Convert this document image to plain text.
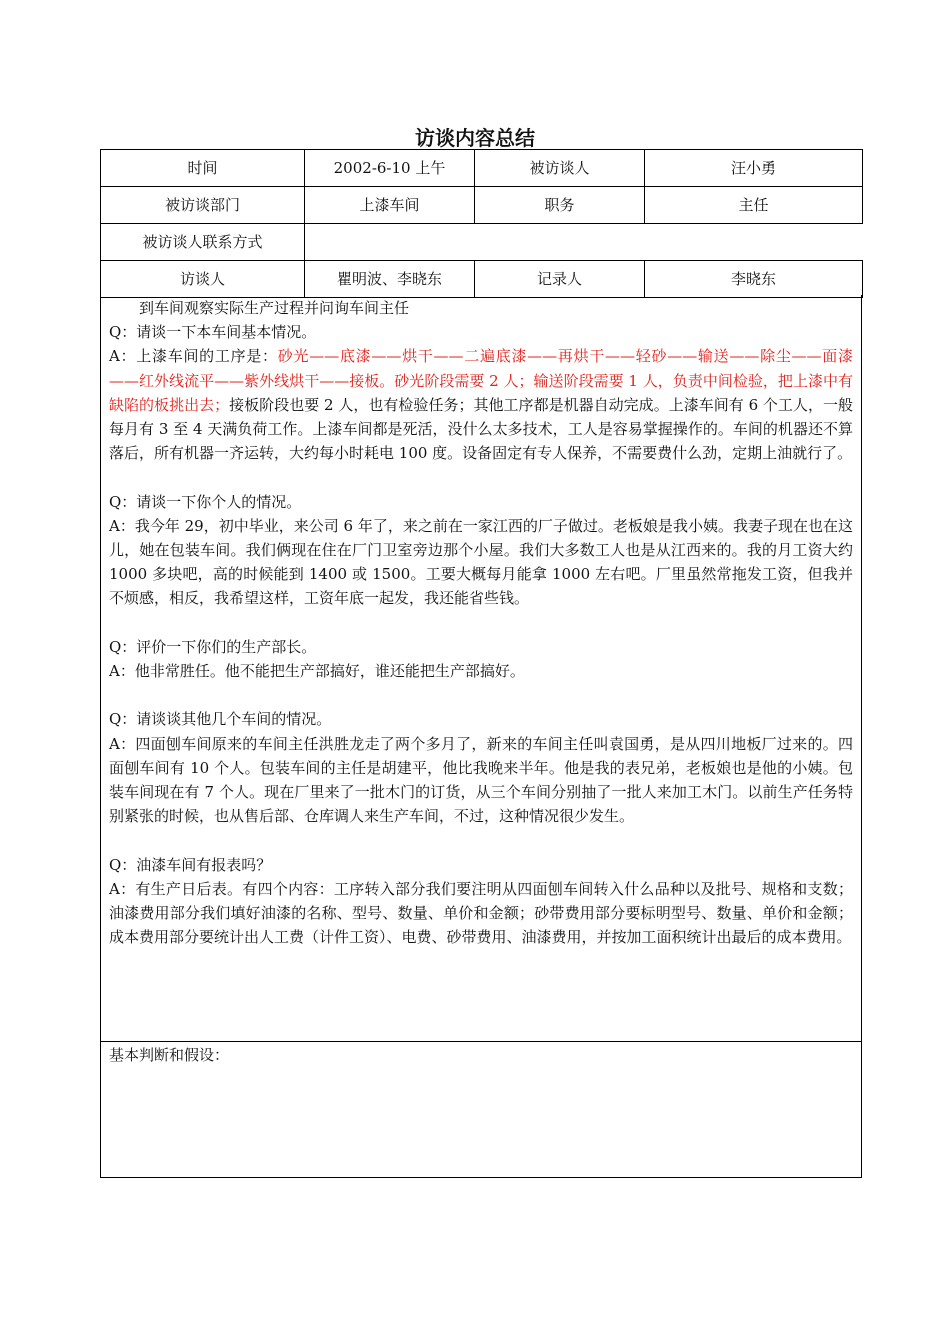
访谈内容总结
时间	2002-6-10 上午	被访谈人	汪小勇
被访谈部门	上漆车间	职务	主任
被访谈人联系方式			
访谈人	瞿明波、李晓东	记录人	李晓东

到车间观察实际生产过程并问询车间主任

Q：请谈一下本车间基本情况。

A：上漆车间的工序是：砂光——底漆——烘干——二遍底漆——再烘干——轻砂——输送——除尘——面漆——红外线流平——紫外线烘干——接板。砂光阶段需要 2 人；输送阶段需要 1 人，负责中间检验，把上漆中有缺陷的板挑出去；接板阶段也要 2 人，也有检验任务；其他工序都是机器自动完成。上漆车间有 6 个工人，一般每月有 3 至 4 天满负荷工作。上漆车间都是死活，没什么太多技术，工人是容易掌握操作的。车间的机器还不算落后，所有机器一齐运转，大约每小时耗电 100 度。设备固定有专人保养，不需要费什么劲，定期上油就行了。

Q：请谈一下你个人的情况。

A：我今年 29，初中毕业，来公司 6 年了，来之前在一家江西的厂子做过。老板娘是我小姨。我妻子现在也在这儿，她在包装车间。我们俩现在住在厂门卫室旁边那个小屋。我们大多数工人也是从江西来的。我的月工资大约 1000 多块吧，高的时候能到 1400 或 1500。工要大概每月能拿 1000 左右吧。厂里虽然常拖发工资，但我并不烦感，相反，我希望这样，工资年底一起发，我还能省些钱。

Q：评价一下你们的生产部长。

A：他非常胜任。他不能把生产部搞好，谁还能把生产部搞好。

Q：请谈谈其他几个车间的情况。

A：四面刨车间原来的车间主任洪胜龙走了两个多月了，新来的车间主任叫袁国勇，是从四川地板厂过来的。四面刨车间有 10 个人。包装车间的主任是胡建平，他比我晚来半年。他是我的表兄弟，老板娘也是他的小姨。包装车间现在有 7 个人。现在厂里来了一批木门的订货，从三个车间分别抽了一批人来加工木门。以前生产任务特别紧张的时候，也从售后部、仓库调人来生产车间，不过，这种情况很少发生。

Q：油漆车间有报表吗？

A：有生产日后表。有四个内容：工序转入部分我们要注明从四面刨车间转入什么品种以及批号、规格和支数；油漆费用部分我们填好油漆的名称、型号、数量、单价和金额；砂带费用部分要标明型号、数量、单价和金额；成本费用部分要统计出人工费（计件工资）、电费、砂带费用、油漆费用，并按加工面积统计出最后的成本费用。

基本判断和假设：
